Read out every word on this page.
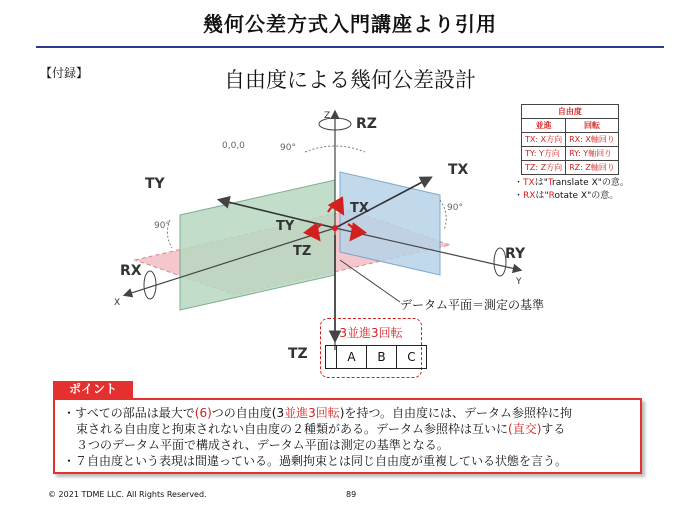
幾何公差方式入門講座より引用
【付録】	自由度による幾何公差設計
自由度	
並進	回転
TX: X方向	RX: X軸回り
TY: Y方向	RY: Y軸回り
TZ: Z方向	RZ: Z軸回り
・TXは"Translate X"の意。
・RXは"Rotate X"の意。
0,0,0	90°
90°
90°
Z
X
Y
RZ
TX
TX
TY
TY
TZ
TZ
RX
RY
データム平面＝測定の基準
3並進3回転
A	B	C
ポイント

・すべての部品は最大で(6)つの自由度(3並進3回転)を持つ。自由度には、データム参照枠に拘

束される自由度と拘束されない自由度の２種類がある。データム参照枠は互いに(直交)する

３つのデータム平面で構成され、データム平面は測定の基準となる。

・７自由度という表現は間違っている。過剰拘束とは同じ自由度が重複している状態を言う。

© 2021 TDME LLC. All Rights Reserved.	89
